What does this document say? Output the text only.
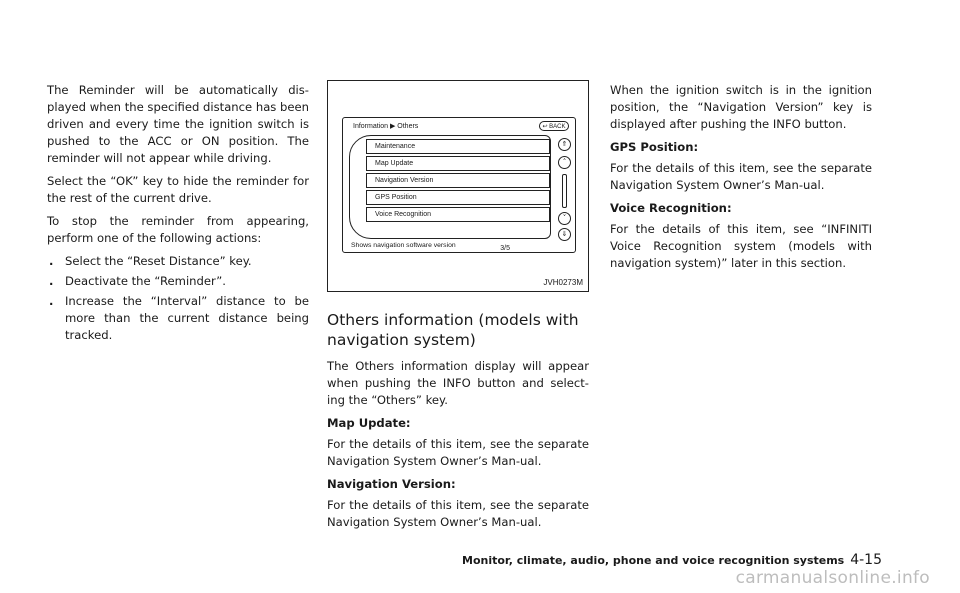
The Reminder will be automatically dis-played when the specified distance has been driven and every time the ignition switch is pushed to the ACC or ON position. The reminder will not appear while driving.

Select the “OK” key to hide the reminder for the rest of the current drive.

To stop the reminder from appearing, perform one of the following actions:

. Select the “Reset Distance” key.
. Deactivate the “Reminder”.
. Increase the “Interval” distance to be more than the current distance being tracked.
Information ▶ Others	↩ BACK
Maintenance
Map Update
Navigation Version
GPS Position
Voice Recognition
3/5
⇑
˄
˅
⇓
Shows navigation software version
JVH0273M
Others information (models with navigation system)

The Others information display will appear when pushing the INFO button and select-ing the “Others” key.

Map Update:

For the details of this item, see the separate Navigation System Owner’s Man-ual.

Navigation Version:

For the details of this item, see the separate Navigation System Owner’s Man-ual.

When the ignition switch is in the ignition position, the “Navigation Version” key is displayed after pushing the INFO button.

GPS Position:

For the details of this item, see the separate Navigation System Owner’s Man-ual.

Voice Recognition:

For the details of this item, see “INFINITI Voice Recognition system (models with navigation system)” later in this section.

Monitor, climate, audio, phone and voice recognition systems 4-15
carmanualsonline.info
